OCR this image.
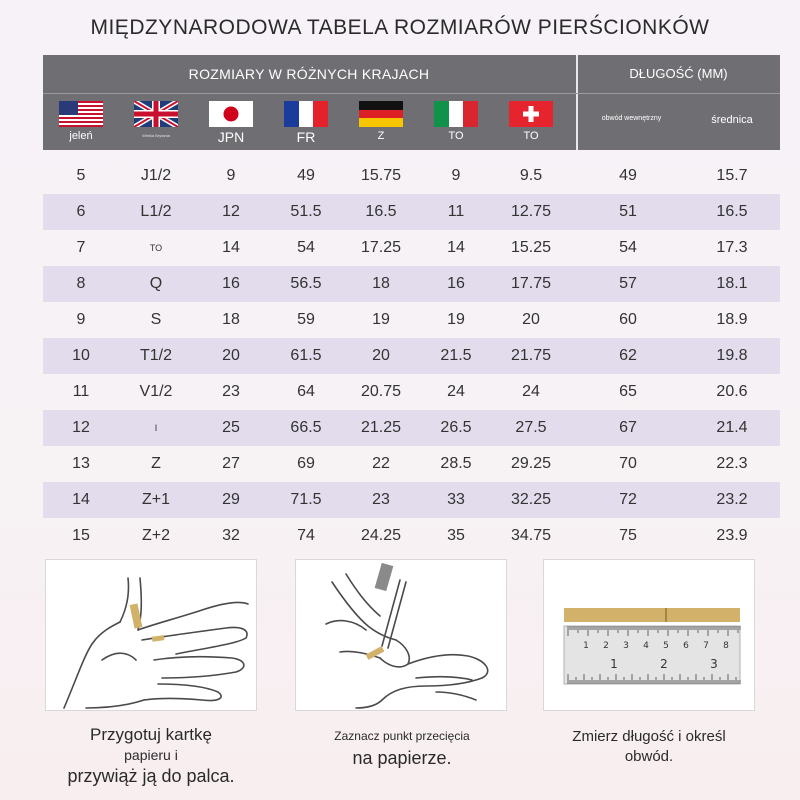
MIĘDZYNARODOWA TABELA ROZMIARÓW PIERŚCIONKÓW
ROZMIARY W RÓŻNYCH KRAJACH	DŁUGOŚĆ (MM)
jeleń	Wielka Brytania	JPN	FR	Z	TO	TO
obwód wewnętrzny	średnica
5	J1/2	9	49	15.75	9	9.5	49	15.7
6	L1/2	12	51.5	16.5	11	12.75	51	16.5
7	TO	14	54	17.25	14	15.25	54	17.3
8	Q	16	56.5	18	16	17.75	57	18.1
9	S	18	59	19	19	20	60	18.9
10	T1/2	20	61.5	20	21.5	21.75	62	19.8
11	V1/2	23	64	20.75	24	24	65	20.6
12	I	25	66.5	21.25	26.5	27.5	67	21.4
13	Z	27	69	22	28.5	29.25	70	22.3
14	Z+1	29	71.5	23	33	32.25	72	23.2
15	Z+2	32	74	24.25	35	34.75	75	23.9
1 2 3 4 5 6 7 8
1	2	3
Przygotuj kartkę
papieru i
przywiąż ją do palca.
Zaznacz punkt przecięcia
na papierze.
Zmierz długość i określ
obwód.
